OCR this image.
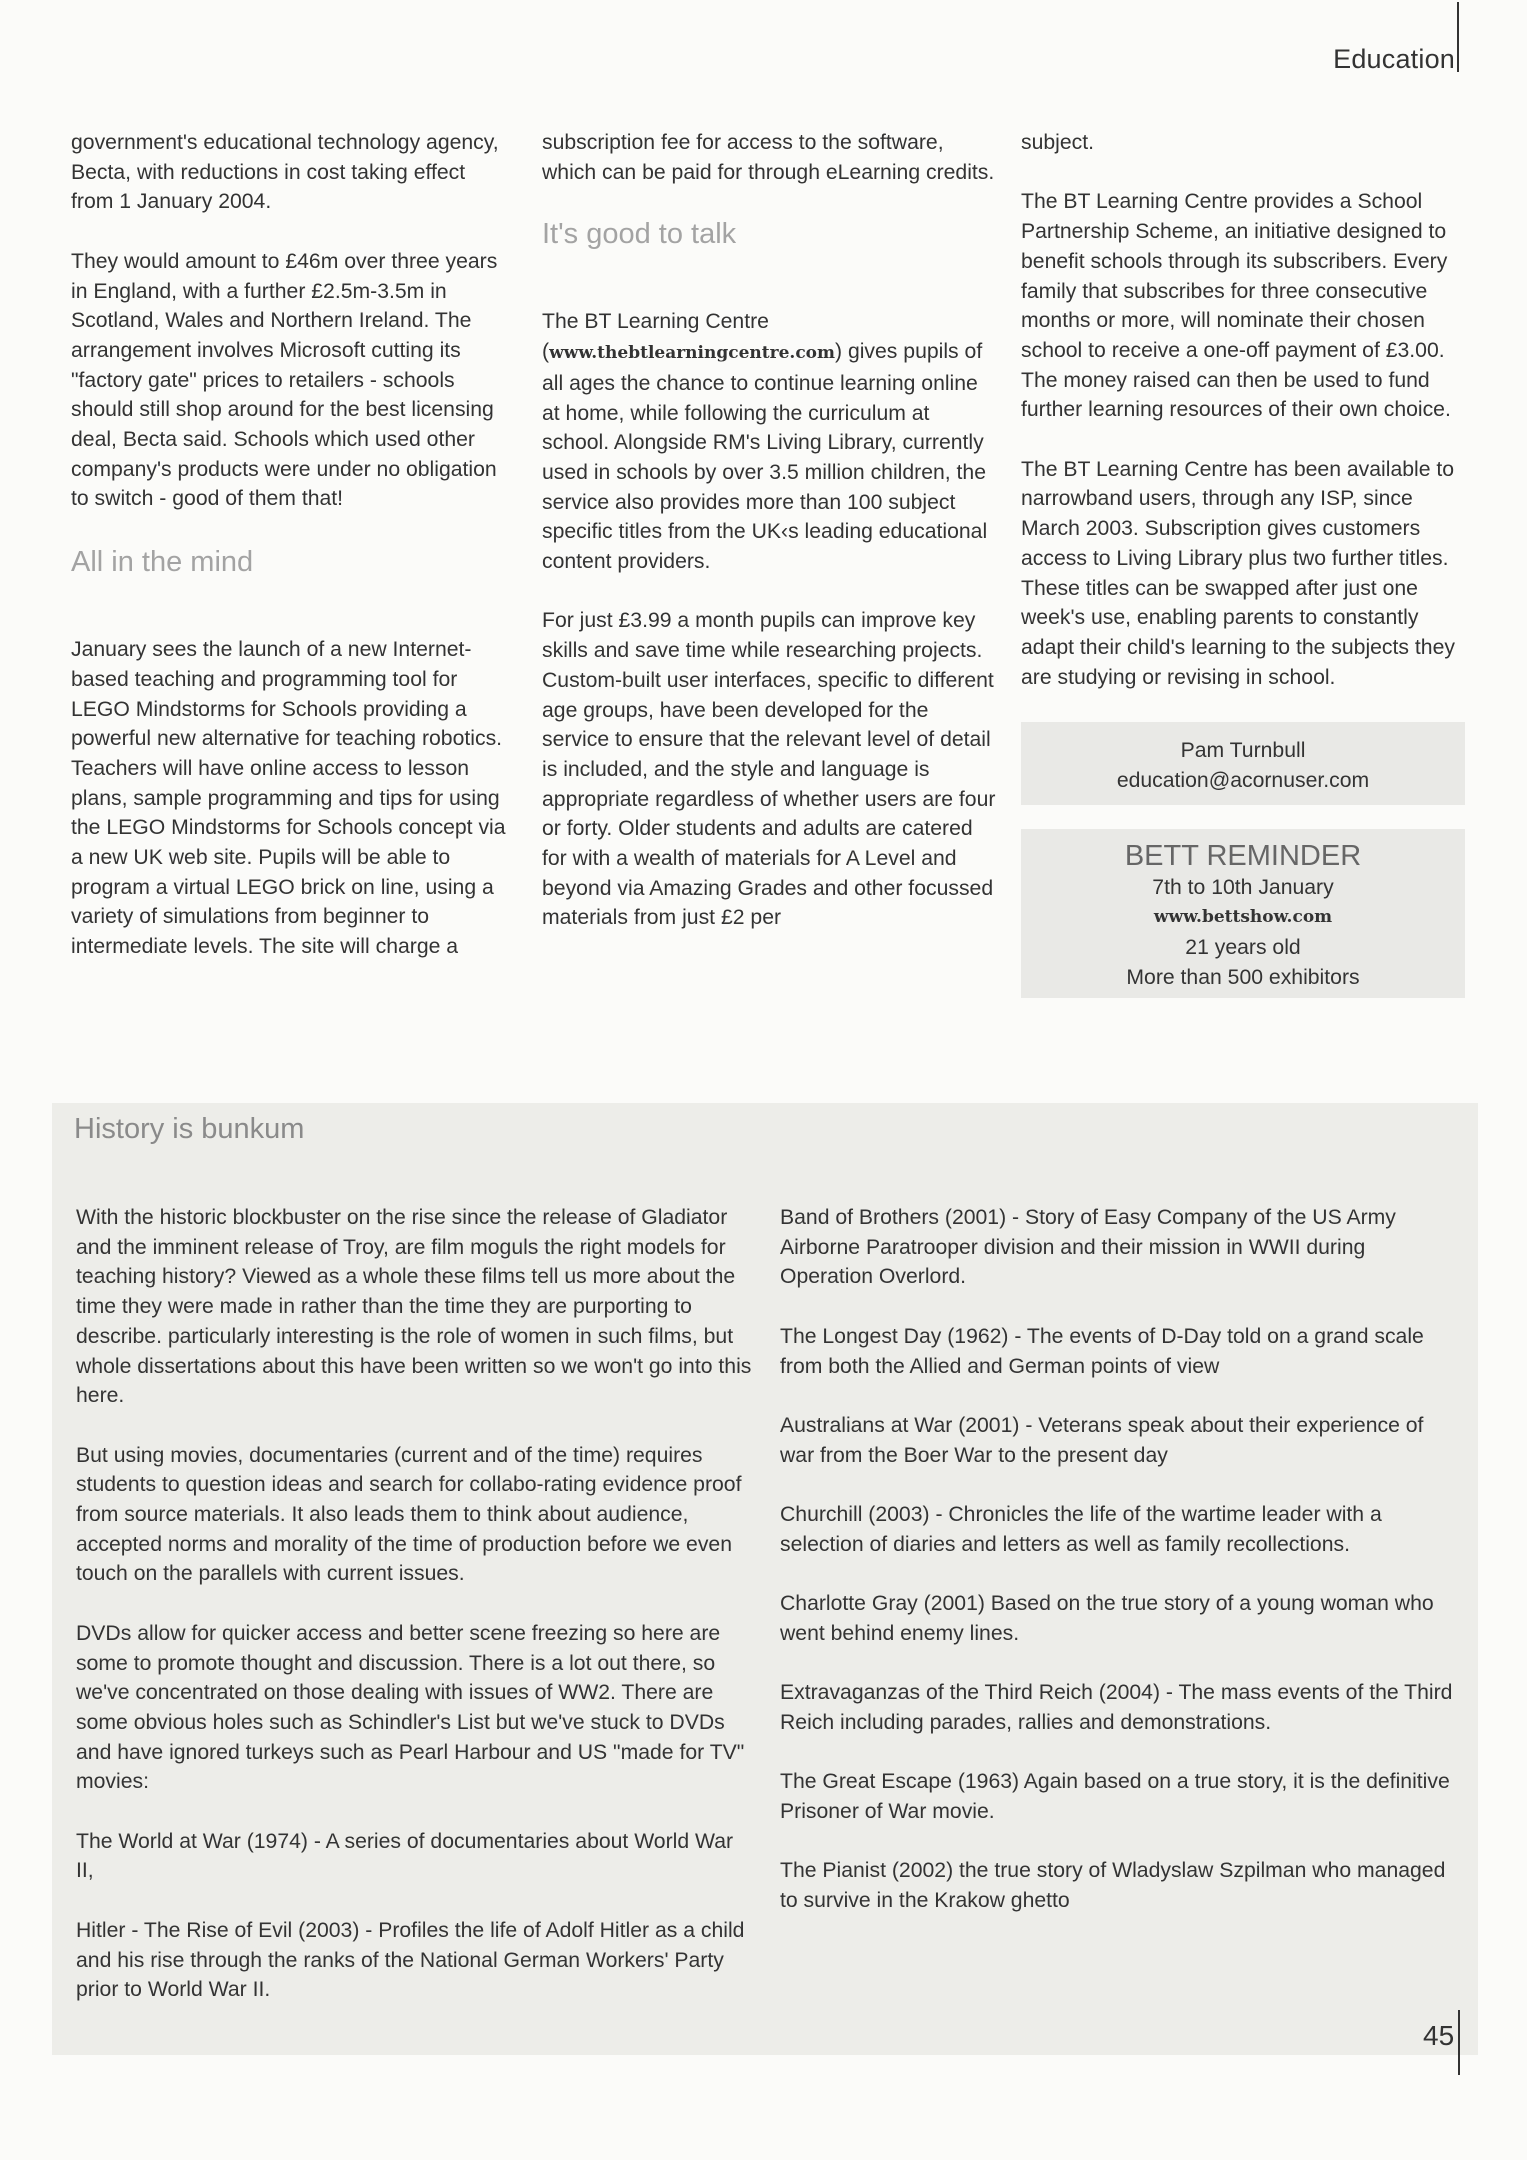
Education

government's educational technology agency, Becta, with reductions in cost taking effect from 1 January 2004.

They would amount to £46m over three years in England, with a further £2.5m-3.5m in Scotland, Wales and Northern Ireland. The arrangement involves Microsoft cutting its "factory gate" prices to retailers - schools should still shop around for the best licensing deal, Becta said. Schools which used other company's products were under no obligation to switch - good of them that!

All in the mind

January sees the launch of a new Internet-based teaching and programming tool for LEGO Mindstorms for Schools providing a powerful new alternative for teaching robotics. Teachers will have online access to lesson plans, sample programming and tips for using the LEGO Mindstorms for Schools concept via a new UK web site. Pupils will be able to program a virtual LEGO brick on line, using a variety of simulations from beginner to intermediate levels. The site will charge a

subscription fee for access to the software, which can be paid for through eLearning credits.

It's good to talk

The BT Learning Centre (www.thebtlearningcentre.com) gives pupils of all ages the chance to continue learning online at home, while following the curriculum at school. Alongside RM's Living Library, currently used in schools by over 3.5 million children, the service also provides more than 100 subject specific titles from the UK‹s leading educational content providers.

For just £3.99 a month pupils can improve key skills and save time while researching projects. Custom-built user interfaces, specific to different age groups, have been developed for the service to ensure that the relevant level of detail is included, and the style and language is appropriate regardless of whether users are four or forty. Older students and adults are catered for with a wealth of materials for A Level and beyond via Amazing Grades and other focussed materials from just £2 per

subject.

The BT Learning Centre provides a School Partnership Scheme, an initiative designed to benefit schools through its subscribers. Every family that subscribes for three consecutive months or more, will nominate their chosen school to receive a one-off payment of £3.00. The money raised can then be used to fund further learning resources of their own choice.

The BT Learning Centre has been available to narrowband users, through any ISP, since March 2003. Subscription gives customers access to Living Library plus two further titles. These titles can be swapped after just one week's use, enabling parents to constantly adapt their child's learning to the subjects they are studying or revising in school.

Pam Turnbull
education@acornuser.com
BETT REMINDER
7th to 10th January
www.bettshow.com
21 years old
More than 500 exhibitors
History is bunkum

With the historic blockbuster on the rise since the release of Gladiator and the imminent release of Troy, are film moguls the right models for teaching history? Viewed as a whole these films tell us more about the time they were made in rather than the time they are purporting to describe. particularly interesting is the role of women in such films, but whole dissertations about this have been written so we won't go into this here.

But using movies, documentaries (current and of the time) requires students to question ideas and search for collabo-rating evidence proof from source materials. It also leads them to think about audience, accepted norms and morality of the time of production before we even touch on the parallels with current issues.

DVDs allow for quicker access and better scene freezing so here are some to promote thought and discussion. There is a lot out there, so we've concentrated on those dealing with issues of WW2. There are some obvious holes such as Schindler's List but we've stuck to DVDs and have ignored turkeys such as Pearl Harbour and US "made for TV" movies:

The World at War (1974) - A series of documentaries about World War II,

Hitler - The Rise of Evil (2003) - Profiles the life of Adolf Hitler as a child and his rise through the ranks of the National German Workers' Party prior to World War II.

Band of Brothers (2001) - Story of Easy Company of the US Army Airborne Paratrooper division and their mission in WWII during Operation Overlord.

The Longest Day (1962) - The events of D-Day told on a grand scale from both the Allied and German points of view

Australians at War (2001) - Veterans speak about their experience of war from the Boer War to the present day

Churchill (2003) - Chronicles the life of the wartime leader with a selection of diaries and letters as well as family recollections.

Charlotte Gray (2001) Based on the true story of a young woman who went behind enemy lines.

Extravaganzas of the Third Reich (2004) - The mass events of the Third Reich including parades, rallies and demonstrations.

The Great Escape (1963) Again based on a true story, it is the definitive Prisoner of War movie.

The Pianist (2002) the true story of Wladyslaw Szpilman who managed to survive in the Krakow ghetto

45
